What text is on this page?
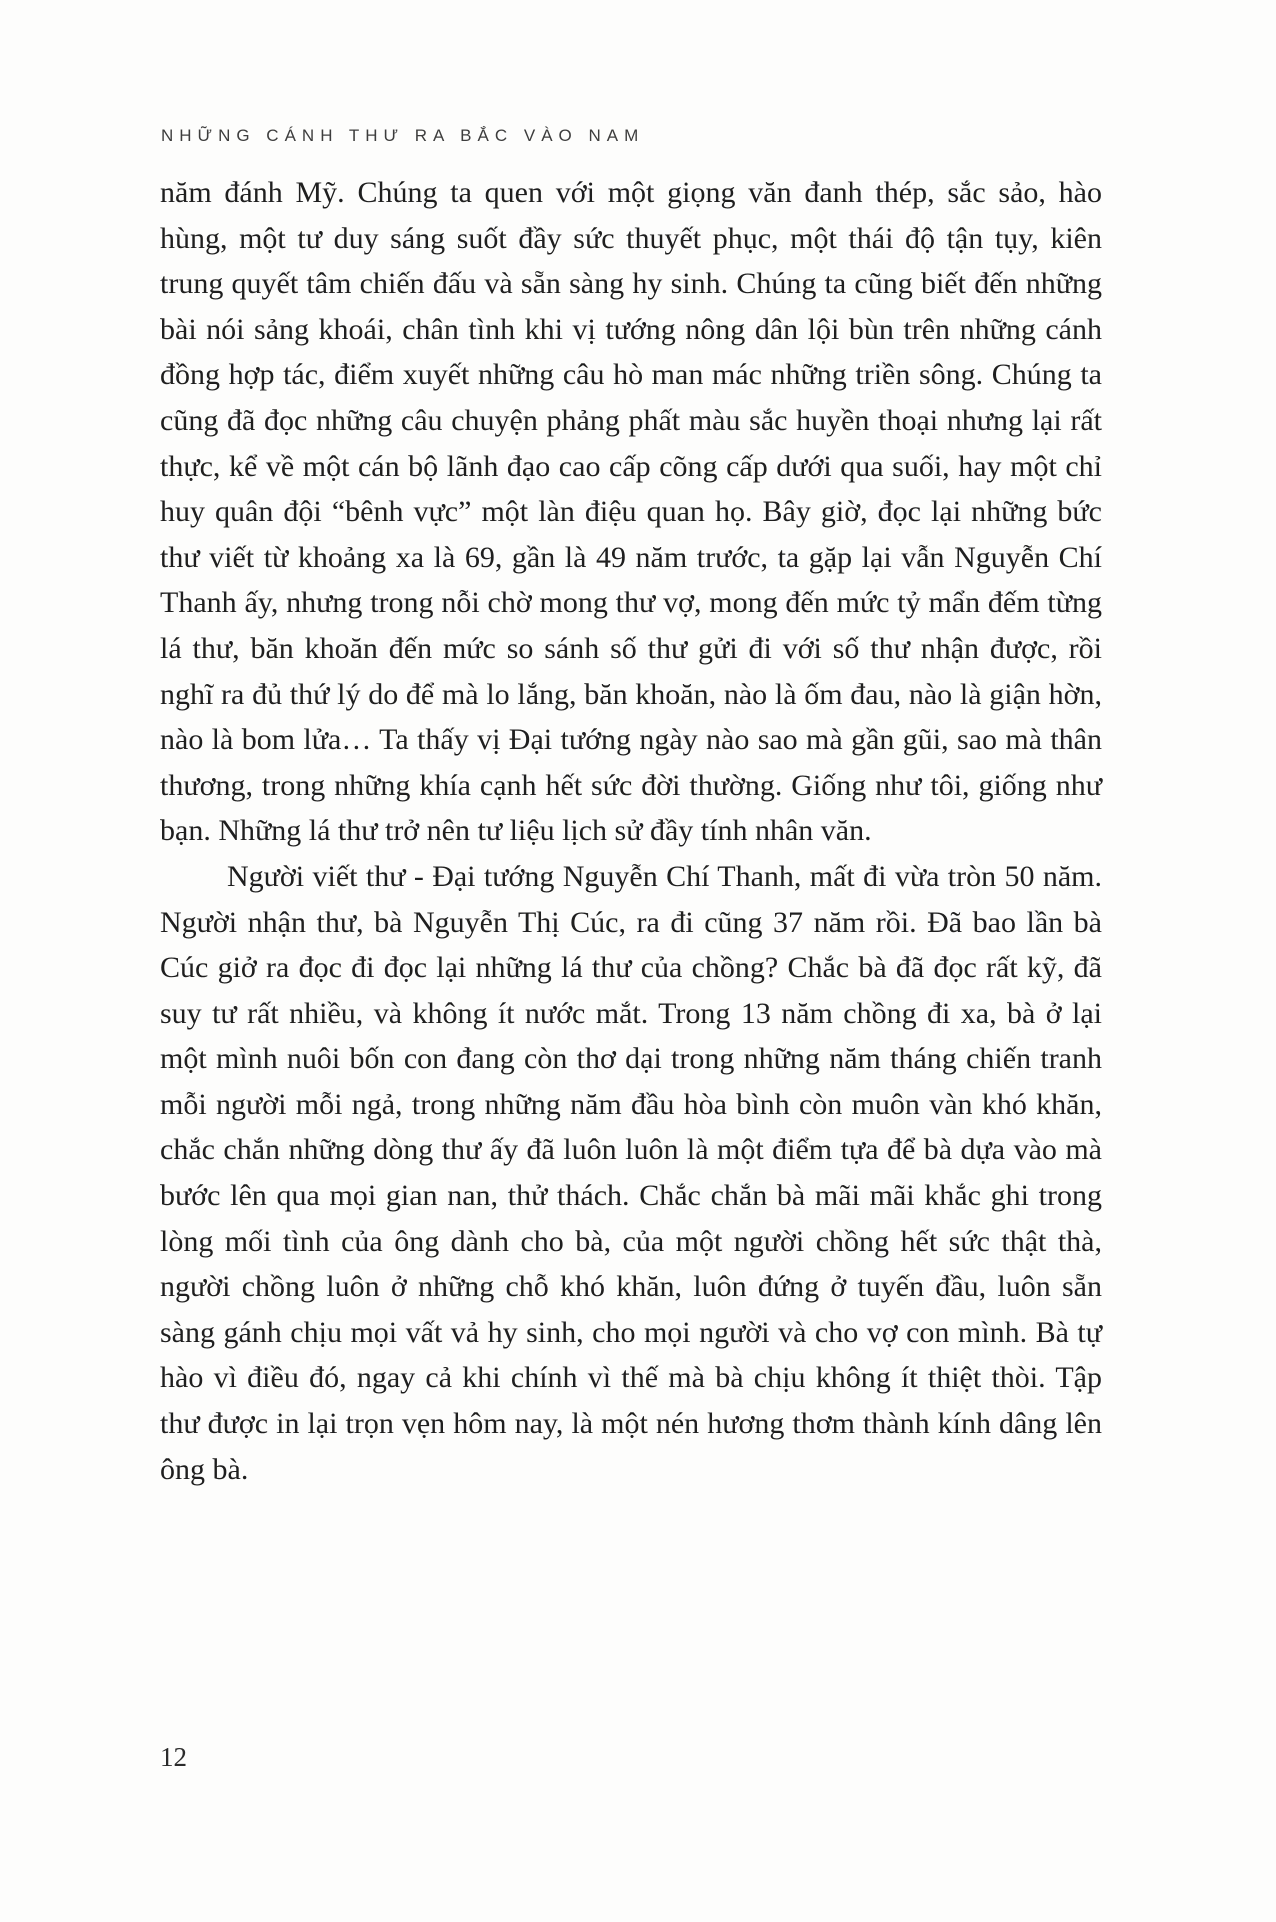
NHỮNG CÁNH THƯ RA BẮC VÀO NAM

năm đánh Mỹ. Chúng ta quen với một giọng văn đanh thép, sắc sảo, hào hùng, một tư duy sáng suốt đầy sức thuyết phục, một thái độ tận tụy, kiên trung quyết tâm chiến đấu và sẵn sàng hy sinh. Chúng ta cũng biết đến những bài nói sảng khoái, chân tình khi vị tướng nông dân lội bùn trên những cánh đồng hợp tác, điểm xuyết những câu hò man mác những triền sông. Chúng ta cũng đã đọc những câu chuyện phảng phất màu sắc huyền thoại nhưng lại rất thực, kể về một cán bộ lãnh đạo cao cấp cõng cấp dưới qua suối, hay một chỉ huy quân đội “bênh vực” một làn điệu quan họ. Bây giờ, đọc lại những bức thư viết từ khoảng xa là 69, gần là 49 năm trước, ta gặp lại vẫn Nguyễn Chí Thanh ấy, nhưng trong nỗi chờ mong thư vợ, mong đến mức tỷ mẩn đếm từng lá thư, băn khoăn đến mức so sánh số thư gửi đi với số thư nhận được, rồi nghĩ ra đủ thứ lý do để mà lo lắng, băn khoăn, nào là ốm đau, nào là giận hờn, nào là bom lửa… Ta thấy vị Đại tướng ngày nào sao mà gần gũi, sao mà thân thương, trong những khía cạnh hết sức đời thường. Giống như tôi, giống như bạn. Những lá thư trở nên tư liệu lịch sử đầy tính nhân văn.

Người viết thư - Đại tướng Nguyễn Chí Thanh, mất đi vừa tròn 50 năm. Người nhận thư, bà Nguyễn Thị Cúc, ra đi cũng 37 năm rồi. Đã bao lần bà Cúc giở ra đọc đi đọc lại những lá thư của chồng? Chắc bà đã đọc rất kỹ, đã suy tư rất nhiều, và không ít nước mắt. Trong 13 năm chồng đi xa, bà ở lại một mình nuôi bốn con đang còn thơ dại trong những năm tháng chiến tranh mỗi người mỗi ngả, trong những năm đầu hòa bình còn muôn vàn khó khăn, chắc chắn những dòng thư ấy đã luôn luôn là một điểm tựa để bà dựa vào mà bước lên qua mọi gian nan, thử thách. Chắc chắn bà mãi mãi khắc ghi trong lòng mối tình của ông dành cho bà, của một người chồng hết sức thật thà, người chồng luôn ở những chỗ khó khăn, luôn đứng ở tuyến đầu, luôn sẵn sàng gánh chịu mọi vất vả hy sinh, cho mọi người và cho vợ con mình. Bà tự hào vì điều đó, ngay cả khi chính vì thế mà bà chịu không ít thiệt thòi. Tập thư được in lại trọn vẹn hôm nay, là một nén hương thơm thành kính dâng lên ông bà.

12
